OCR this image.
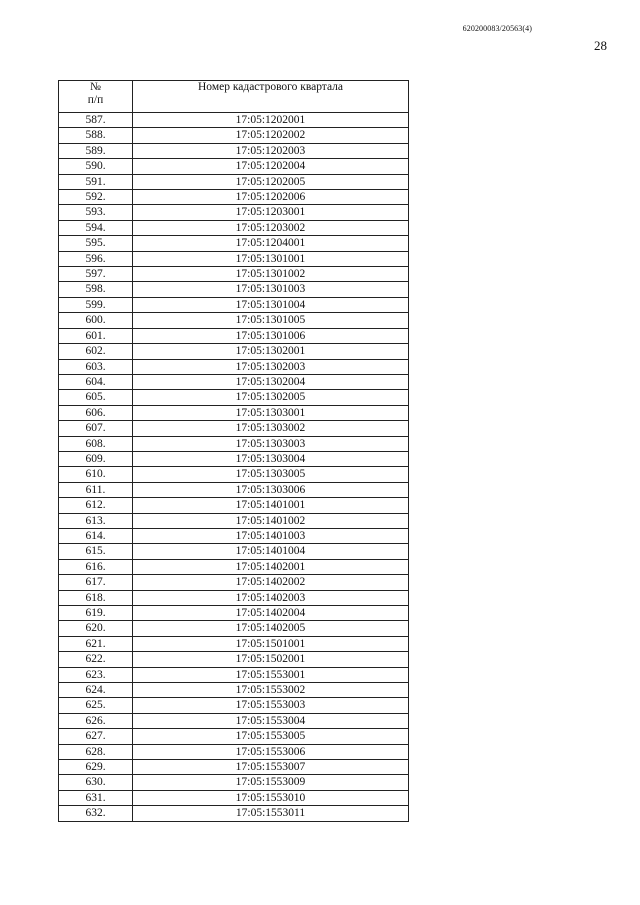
620200083/20563(4)
28
№
п/п	Номер кадастрового квартала
587.	17:05:1202001
588.	17:05:1202002
589.	17:05:1202003
590.	17:05:1202004
591.	17:05:1202005
592.	17:05:1202006
593.	17:05:1203001
594.	17:05:1203002
595.	17:05:1204001
596.	17:05:1301001
597.	17:05:1301002
598.	17:05:1301003
599.	17:05:1301004
600.	17:05:1301005
601.	17:05:1301006
602.	17:05:1302001
603.	17:05:1302003
604.	17:05:1302004
605.	17:05:1302005
606.	17:05:1303001
607.	17:05:1303002
608.	17:05:1303003
609.	17:05:1303004
610.	17:05:1303005
611.	17:05:1303006
612.	17:05:1401001
613.	17:05:1401002
614.	17:05:1401003
615.	17:05:1401004
616.	17:05:1402001
617.	17:05:1402002
618.	17:05:1402003
619.	17:05:1402004
620.	17:05:1402005
621.	17:05:1501001
622.	17:05:1502001
623.	17:05:1553001
624.	17:05:1553002
625.	17:05:1553003
626.	17:05:1553004
627.	17:05:1553005
628.	17:05:1553006
629.	17:05:1553007
630.	17:05:1553009
631.	17:05:1553010
632.	17:05:1553011
